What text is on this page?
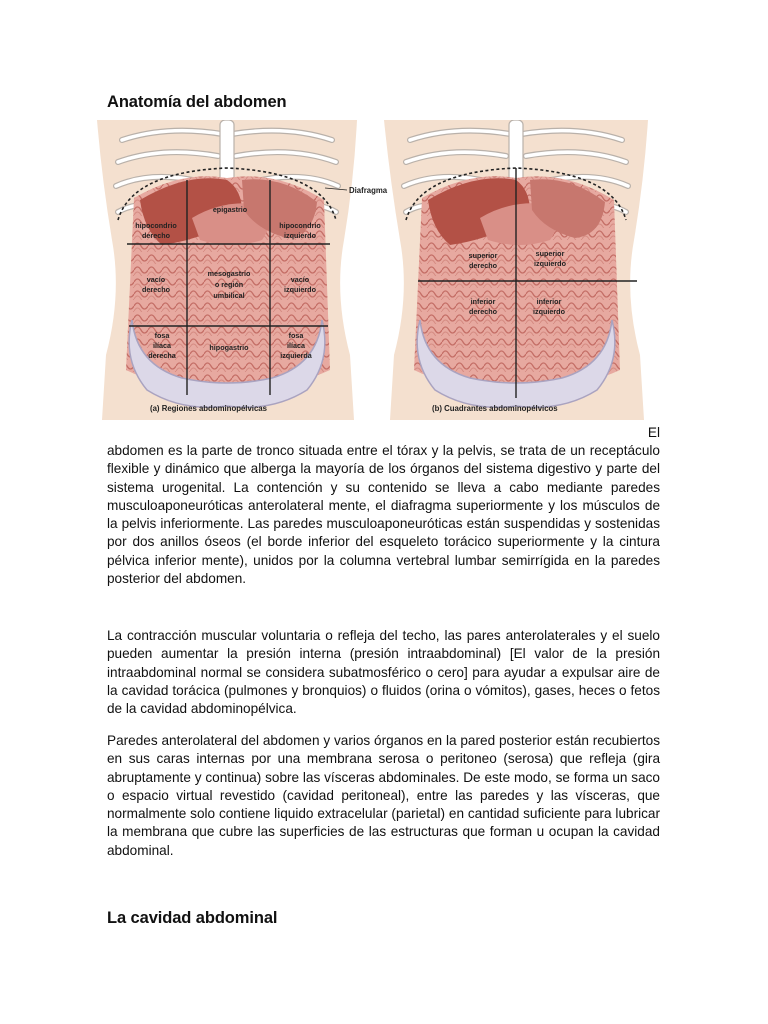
Anatomía del abdomen
hipocondrio derecho
epigastrio
hipocondrio izquierdo
vacío derecho
mesogastrio o región umbilical
vacío izquierdo
fosa ilíaca derecha
hipogastrio
fosa ilíaca izquierda
(a) Regiones abdominopélvicas
Diafragma
superior derecho
superior izquierdo
inferior derecho
inferior izquierdo
(b) Cuadrantes abdominopélvicos
El

abdomen es la parte de tronco situada entre el tórax y la pelvis, se trata de un receptáculo flexible y dinámico que alberga la mayoría de los órganos del sistema digestivo y parte del sistema urogenital. La contención y su contenido se lleva a cabo mediante paredes musculoaponeuróticas anterolateral mente, el diafragma superiormente y los músculos de la pelvis inferiormente. Las paredes musculoaponeuróticas están suspendidas y sostenidas por dos anillos óseos (el borde inferior del esqueleto torácico superiormente y la cintura pélvica inferior mente), unidos por la columna vertebral lumbar semirrígida en la paredes posterior del abdomen.

La contracción muscular voluntaria o refleja del techo, las pares anterolaterales y el suelo pueden aumentar la presión interna (presión intraabdominal) [El valor de la presión intraabdominal normal se considera subatmosférico o cero] para ayudar a expulsar aire de la cavidad torácica (pulmones y bronquios) o fluidos (orina o vómitos), gases, heces o fetos de la cavidad abdominopélvica.

Paredes anterolateral del abdomen y varios órganos en la pared posterior están recubiertos en sus caras internas por una membrana serosa o peritoneo (serosa) que refleja (gira abruptamente y continua) sobre las vísceras abdominales. De este modo, se forma un saco o espacio virtual revestido (cavidad peritoneal), entre las paredes y las vísceras, que normalmente solo contiene liquido extracelular (parietal) en cantidad suficiente para lubricar la membrana que cubre las superficies de las estructuras que forman u ocupan la cavidad abdominal.

La cavidad abdominal
